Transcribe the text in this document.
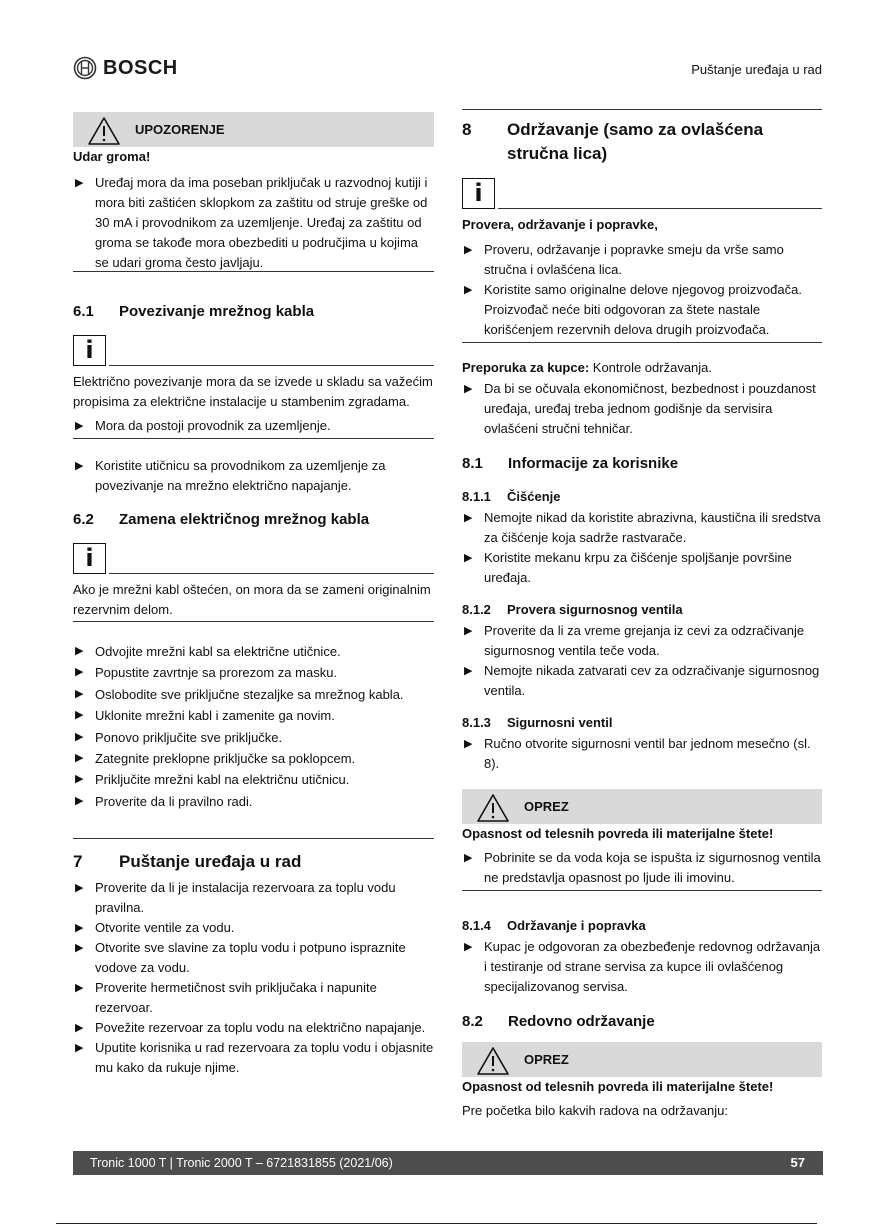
BOSCH	Puštanje uređaja u rad
UPOZORENJE
Udar groma!
▶ Uređaj mora da ima poseban priključak u razvodnoj kutiji i mora biti zaštićen sklopkom za zaštitu od struje greške od 30 mA i provodnikom za uzemljenje. Uređaj za zaštitu od groma se takođe mora obezbediti u područjima u kojima se udari groma često javljaju.
6.1 Povezivanje mrežnog kabla
i
Električno povezivanje mora da se izvede u skladu sa važećim propisima za električne instalacije u stambenim zgradama.
▶ Mora da postoji provodnik za uzemljenje.
▶ Koristite utičnicu sa provodnikom za uzemljenje za povezivanje na mrežno električno napajanje.
6.2 Zamena električnog mrežnog kabla
i
Ako je mrežni kabl oštećen, on mora da se zameni originalnim rezervnim delom.
▶ Odvojite mrežni kabl sa električne utičnice.
▶ Popustite zavrtnje sa prorezom za masku.
▶ Oslobodite sve priključne stezaljke sa mrežnog kabla.
▶ Uklonite mrežni kabl i zamenite ga novim.
▶ Ponovo priključite sve priključke.
▶ Zategnite preklopne priključke sa poklopcem.
▶ Priključite mrežni kabl na električnu utičnicu.
▶ Proverite da li pravilno radi.
7 Puštanje uređaja u rad
▶ Proverite da li je instalacija rezervoara za toplu vodu pravilna.
▶ Otvorite ventile za vodu.
▶ Otvorite sve slavine za toplu vodu i potpuno ispraznite vodove za vodu.
▶ Proverite hermetičnost svih priključaka i napunite rezervoar.
▶ Povežite rezervoar za toplu vodu na električno napajanje.
▶ Uputite korisnika u rad rezervoara za toplu vodu i objasnite mu kako da rukuje njime.
8 Održavanje (samo za ovlašćena stručna lica)
i
Provera, održavanje i popravke,
▶ Proveru, održavanje i popravke smeju da vrše samo stručna i ovlašćena lica.
▶ Koristite samo originalne delove njegovog proizvođača. Proizvođač neće biti odgovoran za štete nastale korišćenjem rezervnih delova drugih proizvođača.
Preporuka za kupce: Kontrole održavanja.
▶ Da bi se očuvala ekonomičnost, bezbednost i pouzdanost uređaja, uređaj treba jednom godišnje da servisira ovlašćeni stručni tehničar.
8.1 Informacije za korisnike
8.1.1 Čišćenje
▶ Nemojte nikad da koristite abrazivna, kaustična ili sredstva za čišćenje koja sadrže rastvarače.
▶ Koristite mekanu krpu za čišćenje spoljšanje površine uređaja.
8.1.2 Provera sigurnosnog ventila
▶ Proverite da li za vreme grejanja iz cevi za odzračivanje sigurnosnog ventila teče voda.
▶ Nemojte nikada zatvarati cev za odzračivanje sigurnosnog ventila.
8.1.3 Sigurnosni ventil
▶ Ručno otvorite sigurnosni ventil bar jednom mesečno (sl. 8).
OPREZ
Opasnost od telesnih povreda ili materijalne štete!
▶ Pobrinite se da voda koja se ispušta iz sigurnosnog ventila ne predstavlja opasnost po ljude ili imovinu.
8.1.4 Održavanje i popravka
▶ Kupac je odgovoran za obezbeđenje redovnog održavanja i testiranje od strane servisa za kupce ili ovlašćenog specijalizovanog servisa.
8.2 Redovno održavanje
OPREZ
Opasnost od telesnih povreda ili materijalne štete!
Pre početka bilo kakvih radova na održavanju:
Tronic 1000 T | Tronic 2000 T – 6721831855 (2021/06)	57
